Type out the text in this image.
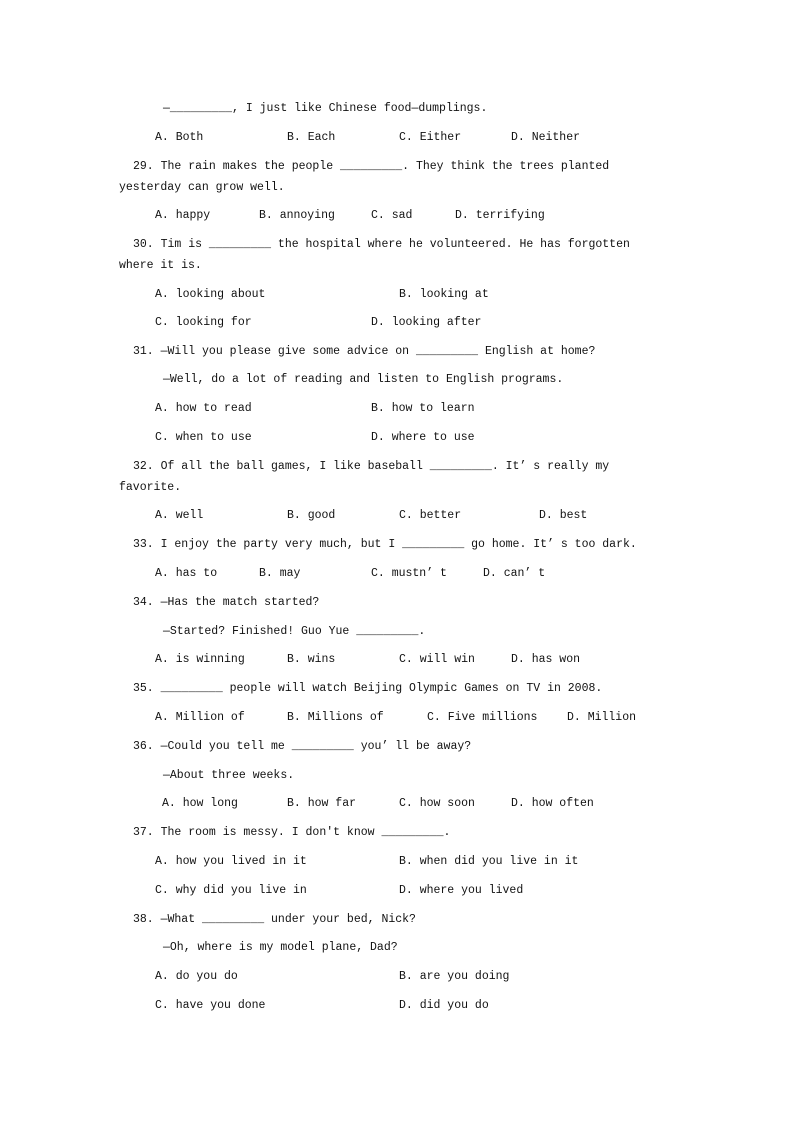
—_________, I just like Chinese food—dumplings.
A. Both	B. Each	C. Either	D. Neither
29. The rain makes the people _________. They think the trees planted
yesterday can grow well.
A. happy	B. annoying	C. sad	D. terrifying
30. Tim is _________ the hospital where he volunteered. He has forgotten
where it is.
A. looking about	B. looking at
C. looking for	D. looking after
31. —Will you please give some advice on _________ English at home?
—Well, do a lot of reading and listen to English programs.
A. how to read	B. how to learn
C. when to use	D. where to use
32. Of all the ball games, I like baseball _________. It’ s really my
favorite.
A. well	B. good	C. better	D. best
33. I enjoy the party very much, but I _________ go home. It’ s too dark.
A. has to	B. may	C. mustn’ t	D. can’ t
34. —Has the match started?
—Started? Finished! Guo Yue _________.
A. is winning	B. wins	C. will win	D. has won
35. _________ people will watch Beijing Olympic Games on TV in 2008.
A. Million of	B. Millions of	C. Five millions	D. Million
36. —Could you tell me _________ you’ ll be away?
—About three weeks.
A. how long	B. how far	C. how soon	D. how often
37. The room is messy. I don't know _________.
A. how you lived in it	B. when did you live in it
C. why did you live in	D. where you lived
38. —What _________ under your bed, Nick?
—Oh, where is my model plane, Dad?
A. do you do	B. are you doing
C. have you done	D. did you do
